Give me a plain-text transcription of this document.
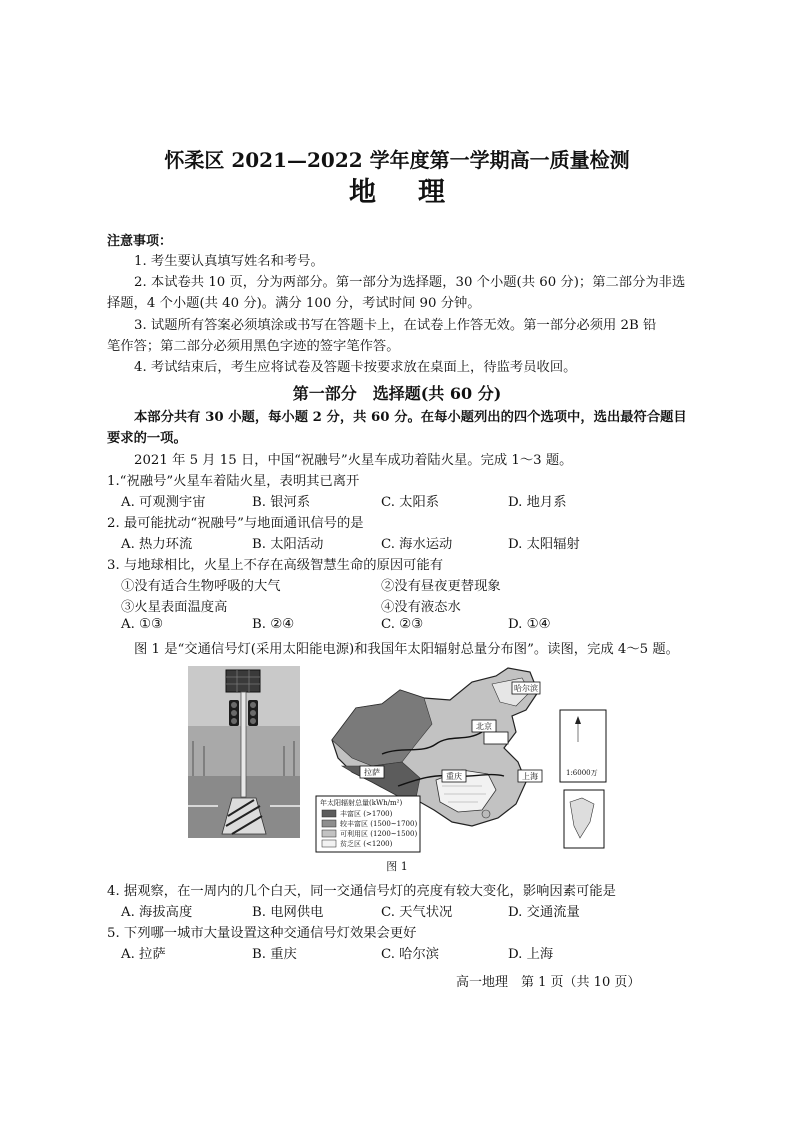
怀柔区 2021—2022 学年度第一学期高一质量检测
地理
注意事项：
1. 考生要认真填写姓名和考号。
2. 本试卷共 10 页，分为两部分。第一部分为选择题，30 个小题(共 60 分)；第二部分为非选
择题，4 个小题(共 40 分)。满分 100 分，考试时间 90 分钟。
3. 试题所有答案必须填涂或书写在答题卡上，在试卷上作答无效。第一部分必须用 2B 铅
笔作答；第二部分必须用黑色字迹的签字笔作答。
4. 考试结束后，考生应将试卷及答题卡按要求放在桌面上，待监考员收回。
第一部分　选择题(共 60 分)
本部分共有 30 小题，每小题 2 分，共 60 分。在每小题列出的四个选项中，选出最符合题目
要求的一项。
2021 年 5 月 15 日，中国“祝融号”火星车成功着陆火星。完成 1～3 题。
1.“祝融号”火星车着陆火星，表明其已离开
A. 可观测宇宙	B. 银河系	C. 太阳系	D. 地月系
2. 最可能扰动“祝融号”与地面通讯信号的是
A. 热力环流	B. 太阳活动	C. 海水运动	D. 太阳辐射
3. 与地球相比，火星上不存在高级智慧生命的原因可能有
①没有适合生物呼吸的大气	②没有昼夜更替现象
③火星表面温度高	④没有液态水
A. ①③	B. ②④	C. ②③	D. ①④
图 1 是“交通信号灯(采用太阳能电源)和我国年太阳辐射总量分布图”。读图，完成 4～5 题。
北京
拉萨	重庆	上海
哈尔滨
年太阳辐射总量(kWh/m²)
丰富区 (>1700)
较丰富区 (1500~1700)
可利用区 (1200~1500)
贫乏区 (<1200)
1:6000万
图 1
4. 据观察，在一周内的几个白天，同一交通信号灯的亮度有较大变化，影响因素可能是
A. 海拔高度	B. 电网供电	C. 天气状况	D. 交通流量
5. 下列哪一城市大量设置这种交通信号灯效果会更好
A. 拉萨	B. 重庆	C. 哈尔滨	D. 上海
高一地理　第 1 页（共 10 页）
